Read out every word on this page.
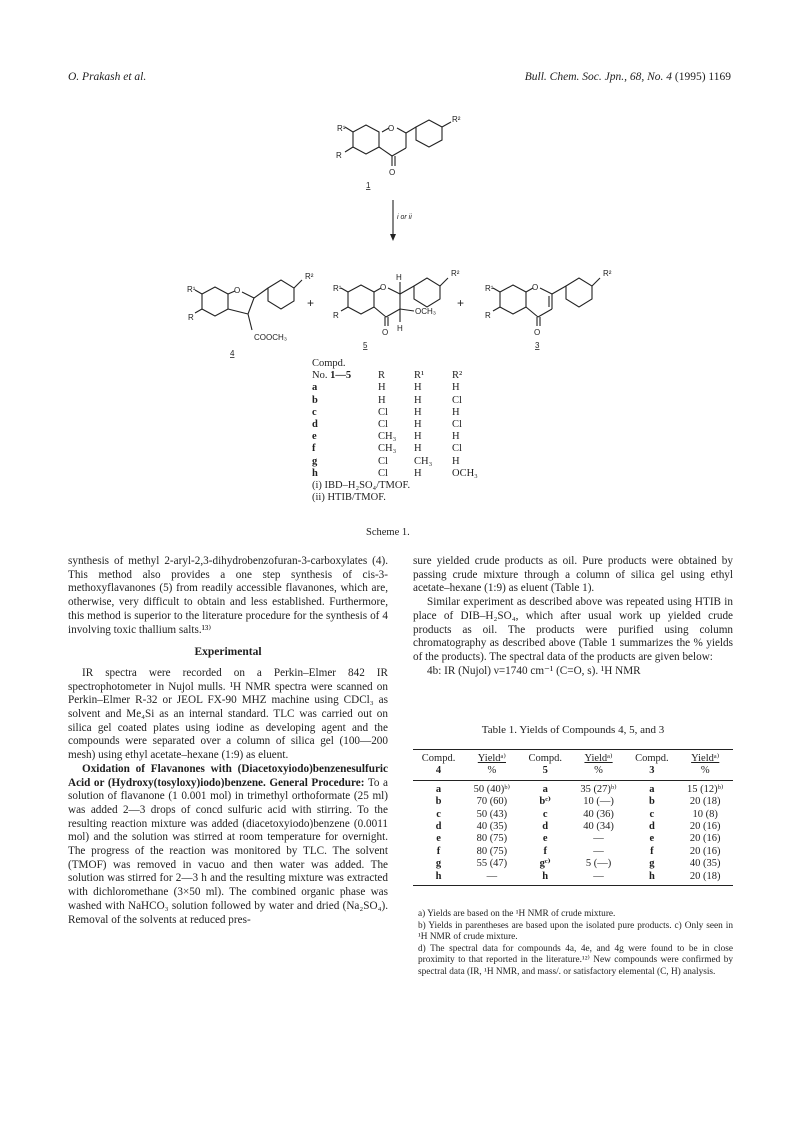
O. Prakash et al.	Bull. Chem. Soc. Jpn., 68, No. 4 (1995) 1169
R¹
R
O
O
R²
1
i or ii
R¹
R
O
R²
COOCH₃
4
+
H	R²
R¹
R
O
OCH₃
O H
5
+
R²
R¹
R
O
O
3
Compd.			
No. 1—5	R	R¹	R²
a	H	H	H
b	H	H	Cl
c	Cl	H	H
d	Cl	H	Cl
e	CH₃	H	H
f	CH₃	H	Cl
g	Cl	CH₃	H
h	Cl	H	OCH₃
(i) IBD–H₂SO₄/TMOF.
(ii) HTIB/TMOF.
Scheme 1.

synthesis of methyl 2-aryl-2,3-dihydrobenzofuran-3-carboxylates (4). This method also provides a one step synthesis of cis-3-methoxyflavanones (5) from readily accessible flavanones, which are, otherwise, very difficult to obtain and less established. Furthermore, this method is superior to the literature procedure for the synthesis of 4 involving toxic thallium salts.¹³⁾

Experimental

IR spectra were recorded on a Perkin–Elmer 842 IR spectrophotometer in Nujol mulls. ¹H NMR spectra were scanned on Perkin–Elmer R-32 or JEOL FX-90 MHZ machine using CDCl₃ as solvent and Me₄Si as an internal standard. TLC was carried out on silica gel coated plates using iodine as developing agent and the compounds were separated over a column of silica gel (100—200 mesh) using ethyl acetate–hexane (1:9) as eluent.

Oxidation of Flavanones with (Diacetoxyiodo)benzenesulfuric Acid or (Hydroxy(tosyloxy)iodo)benzene. General Procedure: To a solution of flavanone (1 0.001 mol) in trimethyl orthoformate (25 ml) was added 2—3 drops of concd sulfuric acid with stirring. To the resulting reaction mixture was added (diacetoxyiodo)benzene (0.0011 mol) and the solution was stirred at room temperature for overnight. The progress of the reaction was monitored by TLC. The solvent (TMOF) was removed in vacuo and then water was added. The solution was stirred for 2—3 h and the resulting mixture was extracted with dichloromethane (3×50 ml). The combined organic phase was washed with NaHCO₃ solution followed by water and dried (Na₂SO₄). Removal of the solvents at reduced pres-

sure yielded crude products as oil. Pure products were obtained by passing crude mixture through a column of silica gel using ethyl acetate–hexane (1:9) as eluent (Table 1).

Similar experiment as described above was repeated using HTIB in place of DIB–H₂SO₄, which after usual work up yielded crude products as oil. The products were purified using column chromatography as described above (Table 1 summarizes the % yields of the products). The spectral data of the products are given below:

4b: IR (Nujol) ν=1740 cm⁻¹ (C=O, s). ¹H NMR

Table 1. Yields of Compounds 4, 5, and 3
Compd.	Yieldᵃ⁾	Compd.	Yieldᵃ⁾	Compd.	Yieldᵃ⁾
4	%	5	%	3	%
a	50 (40)ᵇ⁾	a	35 (27)ᵇ⁾	a	15 (12)ᵇ⁾
b	70 (60)	bᶜ⁾	10 (—)	b	20 (18)
c	50 (43)	c	40 (36)	c	10 (8)
d	40 (35)	d	40 (34)	d	20 (16)
e	80 (75)	e	—	e	20 (16)
f	80 (75)	f	—	f	20 (16)
g	55 (47)	gᶜ⁾	5 (—)	g	40 (35)
h	—	h	—	h	20 (18)

a) Yields are based on the ¹H NMR of crude mixture.

b) Yields in parentheses are based upon the isolated pure products. c) Only seen in ¹H NMR of crude mixture.

d) The spectral data for compounds 4a, 4e, and 4g were found to be in close proximity to that reported in the literature.¹²⁾ New compounds were confirmed by spectral data (IR, ¹H NMR, and mass/. or satisfactory elemental (C, H) analysis.
